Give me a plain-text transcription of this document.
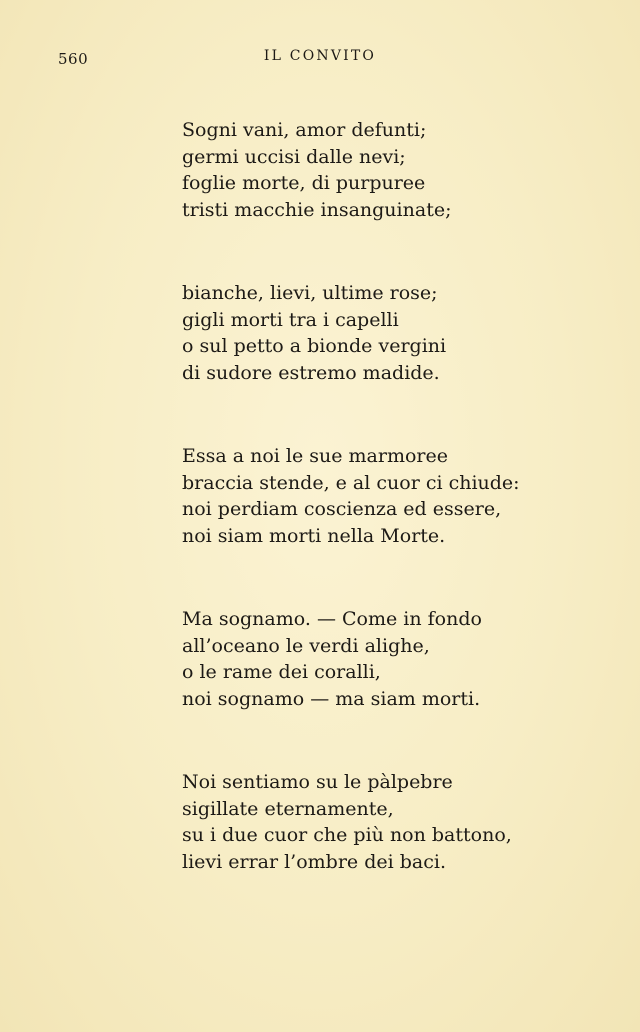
560	IL CONVITO
Sogni vani, amor defunti;
germi uccisi dalle nevi;
foglie morte, di purpuree
tristi macchie insanguinate;
bianche, lievi, ultime rose;
gigli morti tra i capelli
o sul petto a bionde vergini
di sudore estremo madide.
Essa a noi le sue marmoree
braccia stende, e al cuor ci chiude:
noi perdiam coscienza ed essere,
noi siam morti nella Morte.
Ma sognamo. — Come in fondo
all’oceano le verdi alighe,
o le rame dei coralli,
noi sognamo — ma siam morti.
Noi sentiamo su le pàlpebre
sigillate eternamente,
su i due cuor che più non battono,
lievi errar l’ombre dei baci.
